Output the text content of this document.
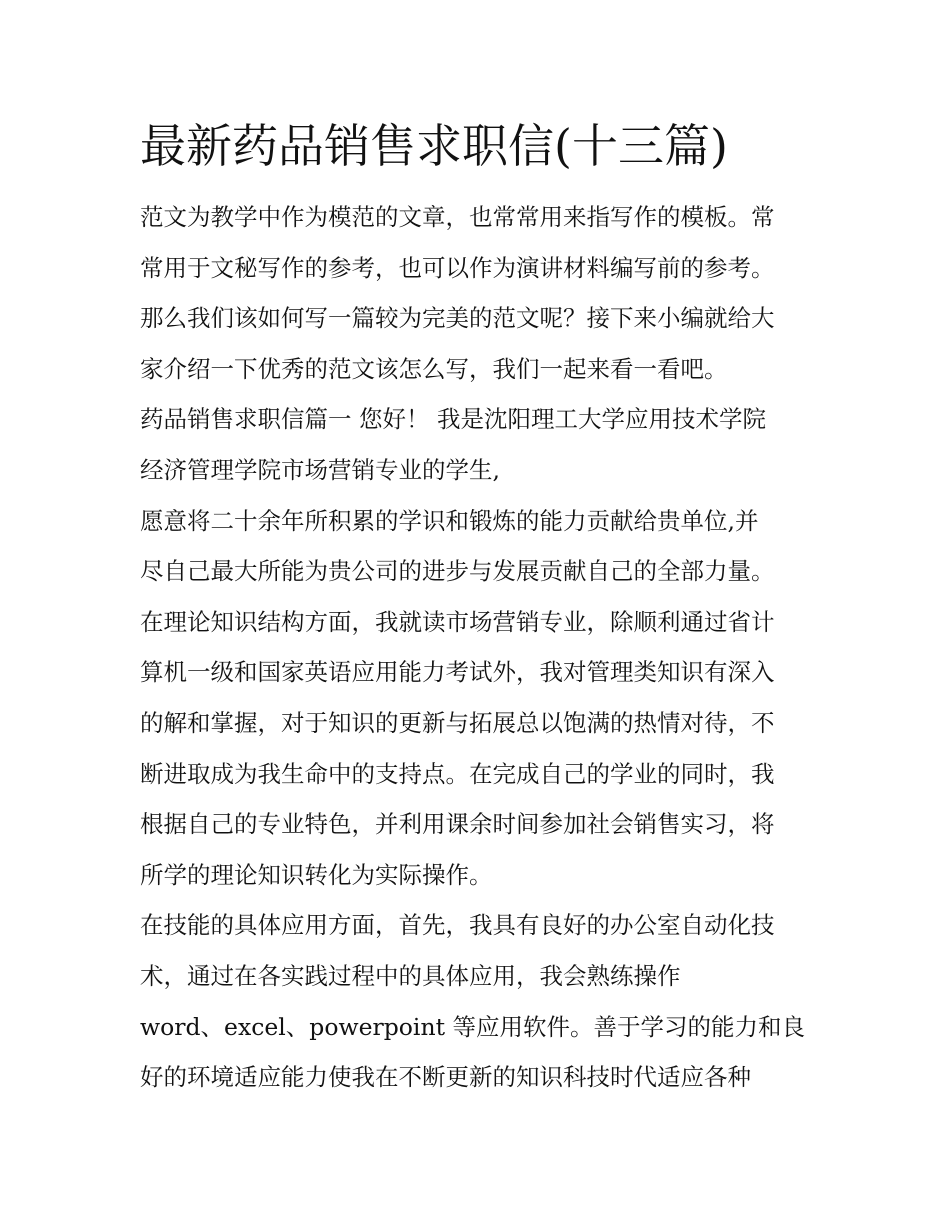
最新药品销售求职信(十三篇)

范文为教学中作为模范的文章，也常常用来指写作的模板。常

常用于文秘写作的参考，也可以作为演讲材料编写前的参考。

那么我们该如何写一篇较为完美的范文呢？接下来小编就给大

家介绍一下优秀的范文该怎么写，我们一起来看一看吧。

药品销售求职信篇一 您好！ 我是沈阳理工大学应用技术学院

经济管理学院市场营销专业的学生,

愿意将二十余年所积累的学识和锻炼的能力贡献给贵单位,并

尽自己最大所能为贵公司的进步与发展贡献自己的全部力量。

在理论知识结构方面，我就读市场营销专业，除顺利通过省计

算机一级和国家英语应用能力考试外，我对管理类知识有深入

的解和掌握，对于知识的更新与拓展总以饱满的热情对待，不

断进取成为我生命中的支持点。在完成自己的学业的同时，我

根据自己的专业特色，并利用课余时间参加社会销售实习，将

所学的理论知识转化为实际操作。

在技能的具体应用方面，首先，我具有良好的办公室自动化技

术，通过在各实践过程中的具体应用，我会熟练操作

word、excel、powerpoint 等应用软件。善于学习的能力和良

好的环境适应能力使我在不断更新的知识科技时代适应各种
